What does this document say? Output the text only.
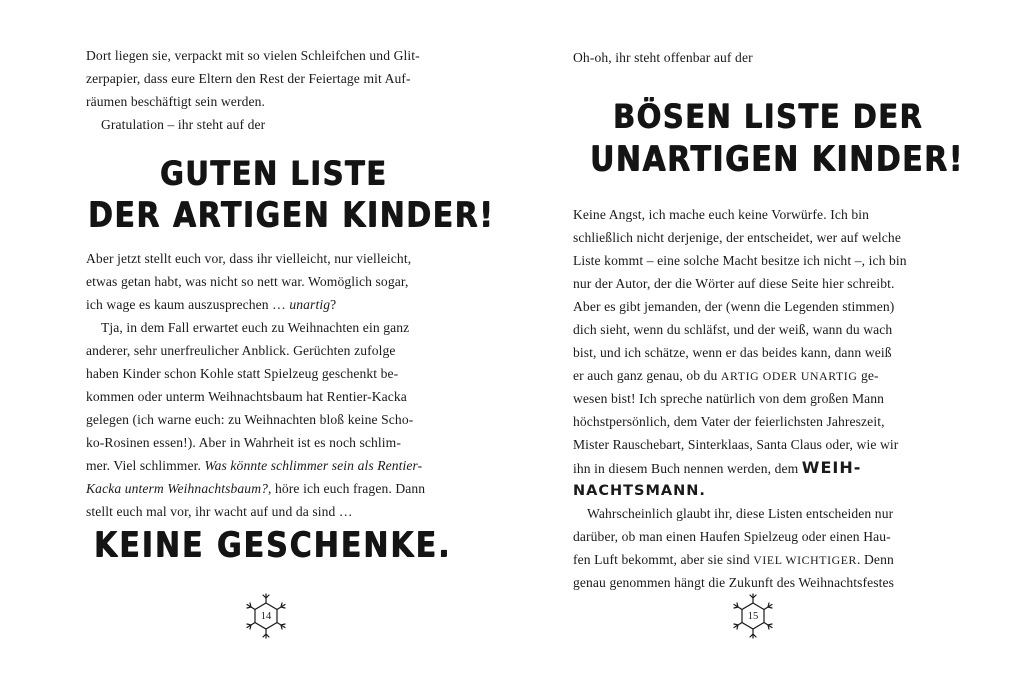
Dort liegen sie, verpackt mit so vielen Schleifchen und Glit-
zerpapier, dass eure Eltern den Rest der Feiertage mit Auf-
räumen beschäftigt sein werden.
Gratulation – ihr steht auf der
GUTEN LISTE
DER ARTIGEN KINDER!
Aber jetzt stellt euch vor, dass ihr vielleicht, nur vielleicht,
etwas getan habt, was nicht so nett war. Womöglich sogar,
ich wage es kaum auszusprechen … unartig?
Tja, in dem Fall erwartet euch zu Weihnachten ein ganz
anderer, sehr unerfreulicher Anblick. Gerüchten zufolge
haben Kinder schon Kohle statt Spielzeug geschenkt be-
kommen oder unterm Weihnachtsbaum hat Rentier-Kacka
gelegen (ich warne euch: zu Weihnachten bloß keine Scho-
ko-Rosinen essen!). Aber in Wahrheit ist es noch schlim-
mer. Viel schlimmer. Was könnte schlimmer sein als Rentier-
Kacka unterm Weihnachtsbaum?, höre ich euch fragen. Dann
stellt euch mal vor, ihr wacht auf und da sind …
KEINE GESCHENKE.
14
Oh-oh, ihr steht offenbar auf der
BÖSEN LISTE DER
UNARTIGEN KINDER!
Keine Angst, ich mache euch keine Vorwürfe. Ich bin
schließlich nicht derjenige, der entscheidet, wer auf welche
Liste kommt – eine solche Macht besitze ich nicht –, ich bin
nur der Autor, der die Wörter auf diese Seite hier schreibt.
Aber es gibt jemanden, der (wenn die Legenden stimmen)
dich sieht, wenn du schläfst, und der weiß, wann du wach
bist, und ich schätze, wenn er das beides kann, dann weiß
er auch ganz genau, ob du ARTIG ODER UNARTIG ge-
wesen bist! Ich spreche natürlich von dem großen Mann
höchstpersönlich, dem Vater der feierlichsten Jahreszeit,
Mister Rauschebart, Sinterklaas, Santa Claus oder, wie wir
ihn in diesem Buch nennen werden, dem WEIH-
NACHTSMANN.
Wahrscheinlich glaubt ihr, diese Listen entscheiden nur
darüber, ob man einen Haufen Spielzeug oder einen Hau-
fen Luft bekommt, aber sie sind VIEL WICHTIGER. Denn
genau genommen hängt die Zukunft des Weihnachtsfestes
15
